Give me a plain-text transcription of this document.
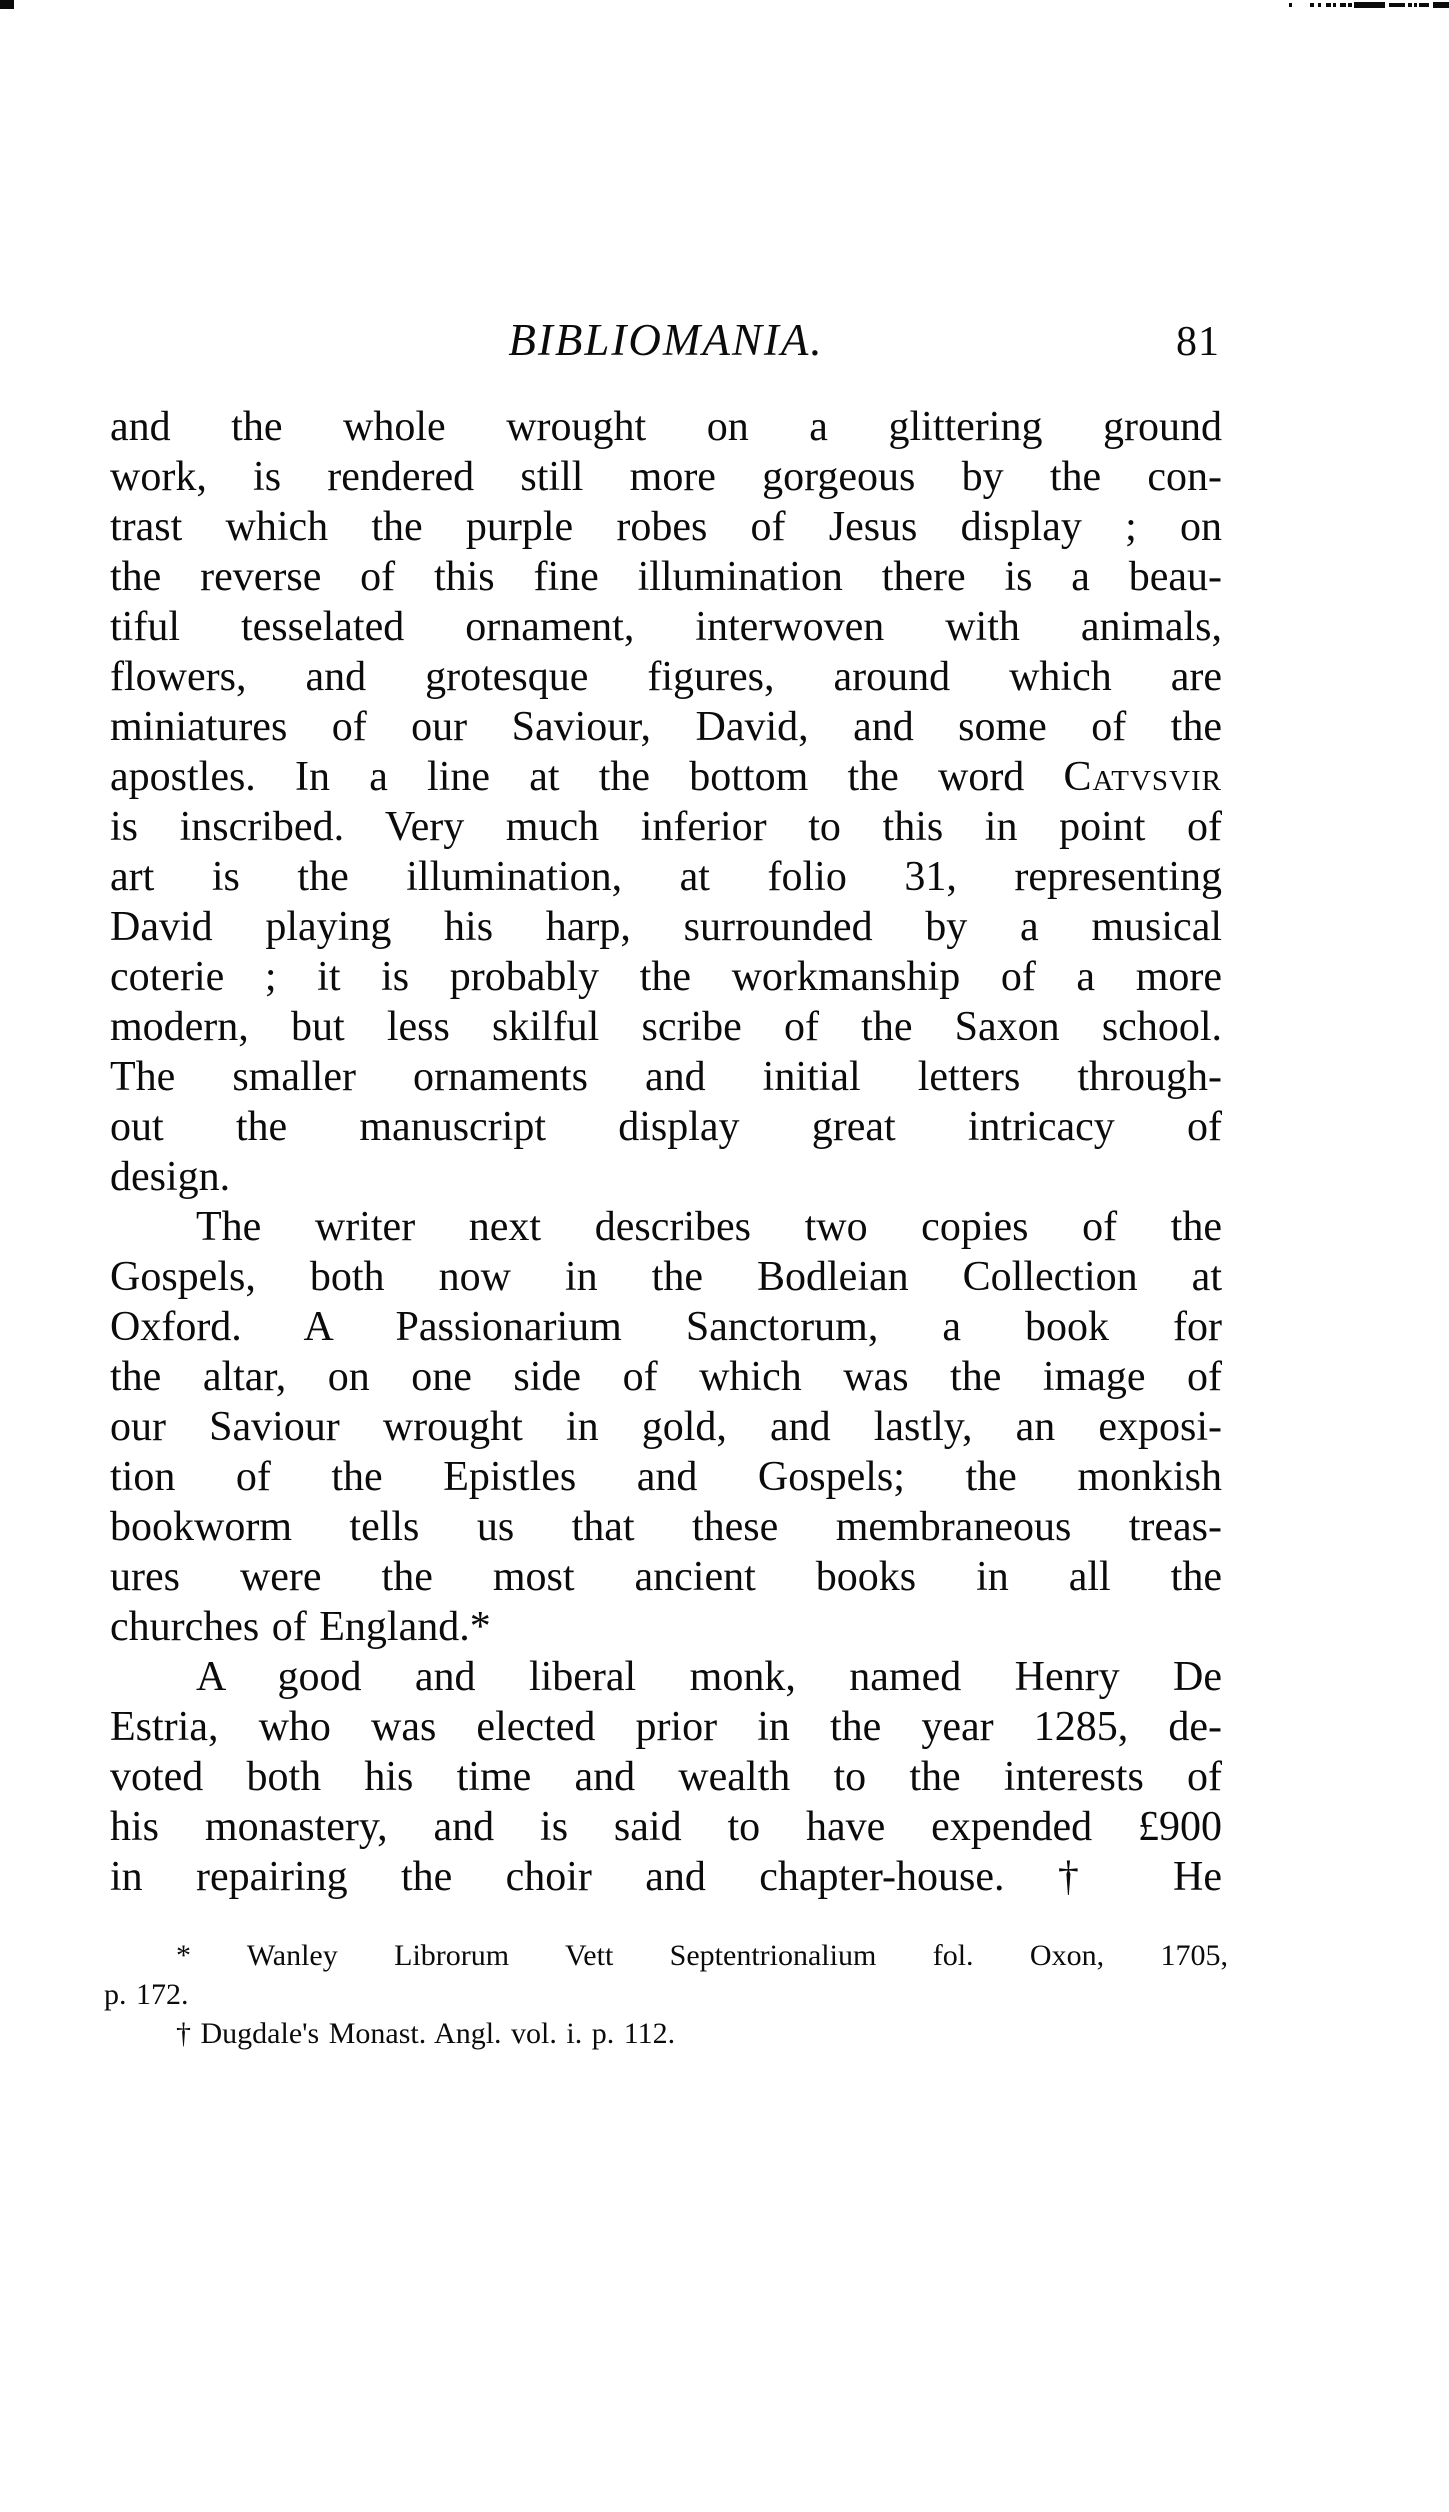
BIBLIOMANIA.	81
and the whole wrought on a glittering ground
work, is rendered still more gorgeous by the con-
trast which the purple robes of Jesus display ; on
the reverse of this fine illumination there is a beau-
tiful tesselated ornament, interwoven with animals,
flowers, and grotesque figures, around which are
miniatures of our Saviour, David, and some of the
apostles. In a line at the bottom the word Catvsvir
is inscribed. Very much inferior to this in point of
art is the illumination, at folio 31, representing
David playing his harp, surrounded by a musical
coterie ; it is probably the workmanship of a more
modern, but less skilful scribe of the Saxon school.
The smaller ornaments and initial letters through-
out the manuscript display great intricacy of
design.
The writer next describes two copies of the
Gospels, both now in the Bodleian Collection at
Oxford. A Passionarium Sanctorum, a book for
the altar, on one side of which was the image of
our Saviour wrought in gold, and lastly, an exposi-
tion of the Epistles and Gospels; the monkish
bookworm tells us that these membraneous treas-
ures were the most ancient books in all the
churches of England.*
A good and liberal monk, named Henry De
Estria, who was elected prior in the year 1285, de-
voted both his time and wealth to the interests of
his monastery, and is said to have expended £900
in repairing the choir and chapter-house. † He
* Wanley Librorum Vett Septentrionalium fol. Oxon, 1705,
p. 172.
† Dugdale's Monast. Angl. vol. i. p. 112.
